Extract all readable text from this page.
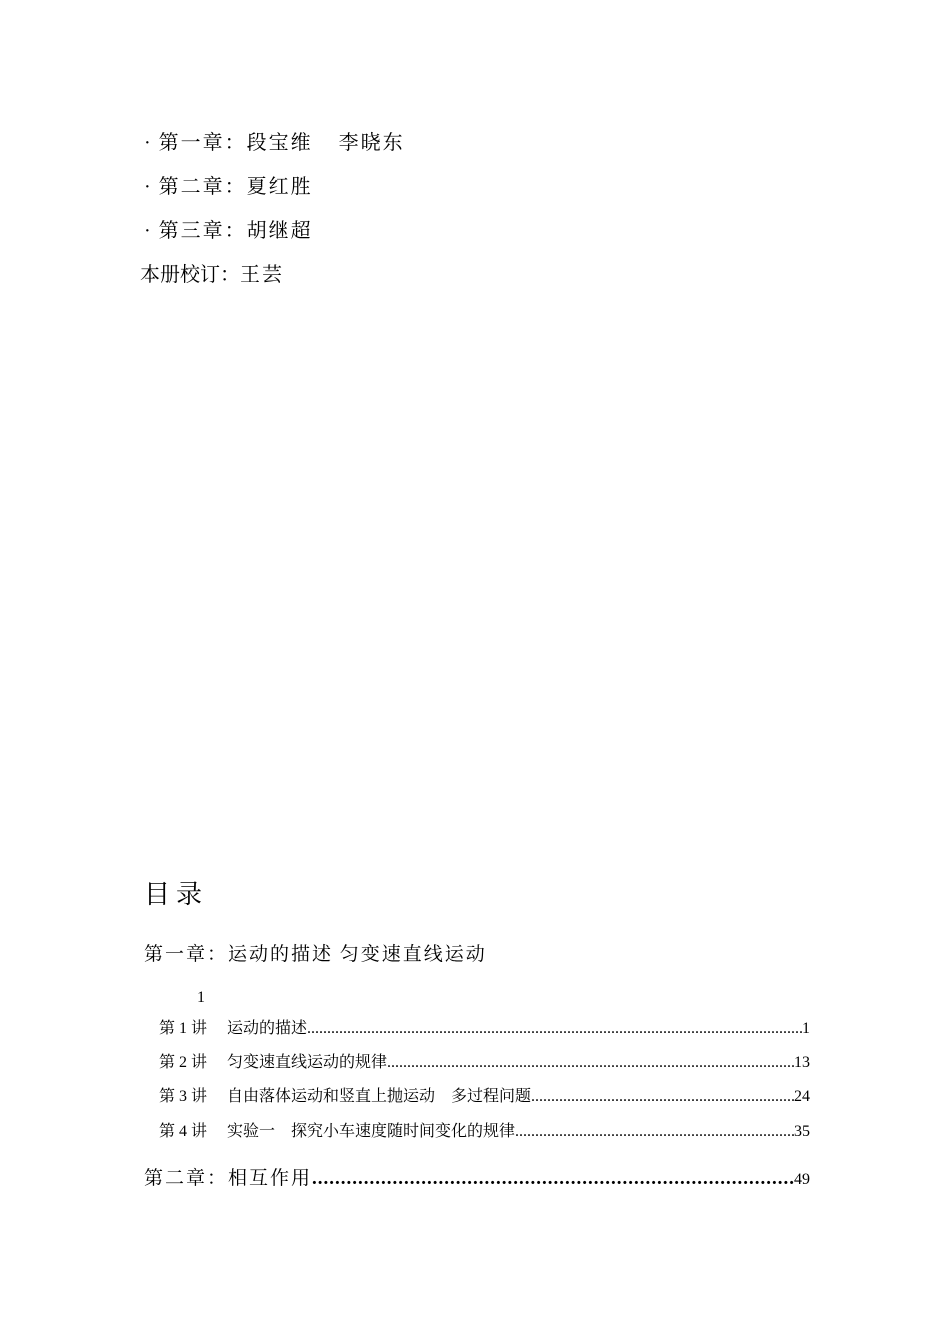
· 第一章：段宝维 李晓东
· 第二章：夏红胜
· 第三章：胡继超
本册校订：王芸
目录
第一章：运动的描述 匀变速直线运动
1
第 1 讲	运动的描述 .....	1
第 2 讲	匀变速直线运动的规律 .....	13
第 3 讲	自由落体运动和竖直上抛运动　多过程问题 .....	24
第 4 讲	实验一　探究小车速度随时间变化的规律 .....	35
第二章：相互作用 .....	49
